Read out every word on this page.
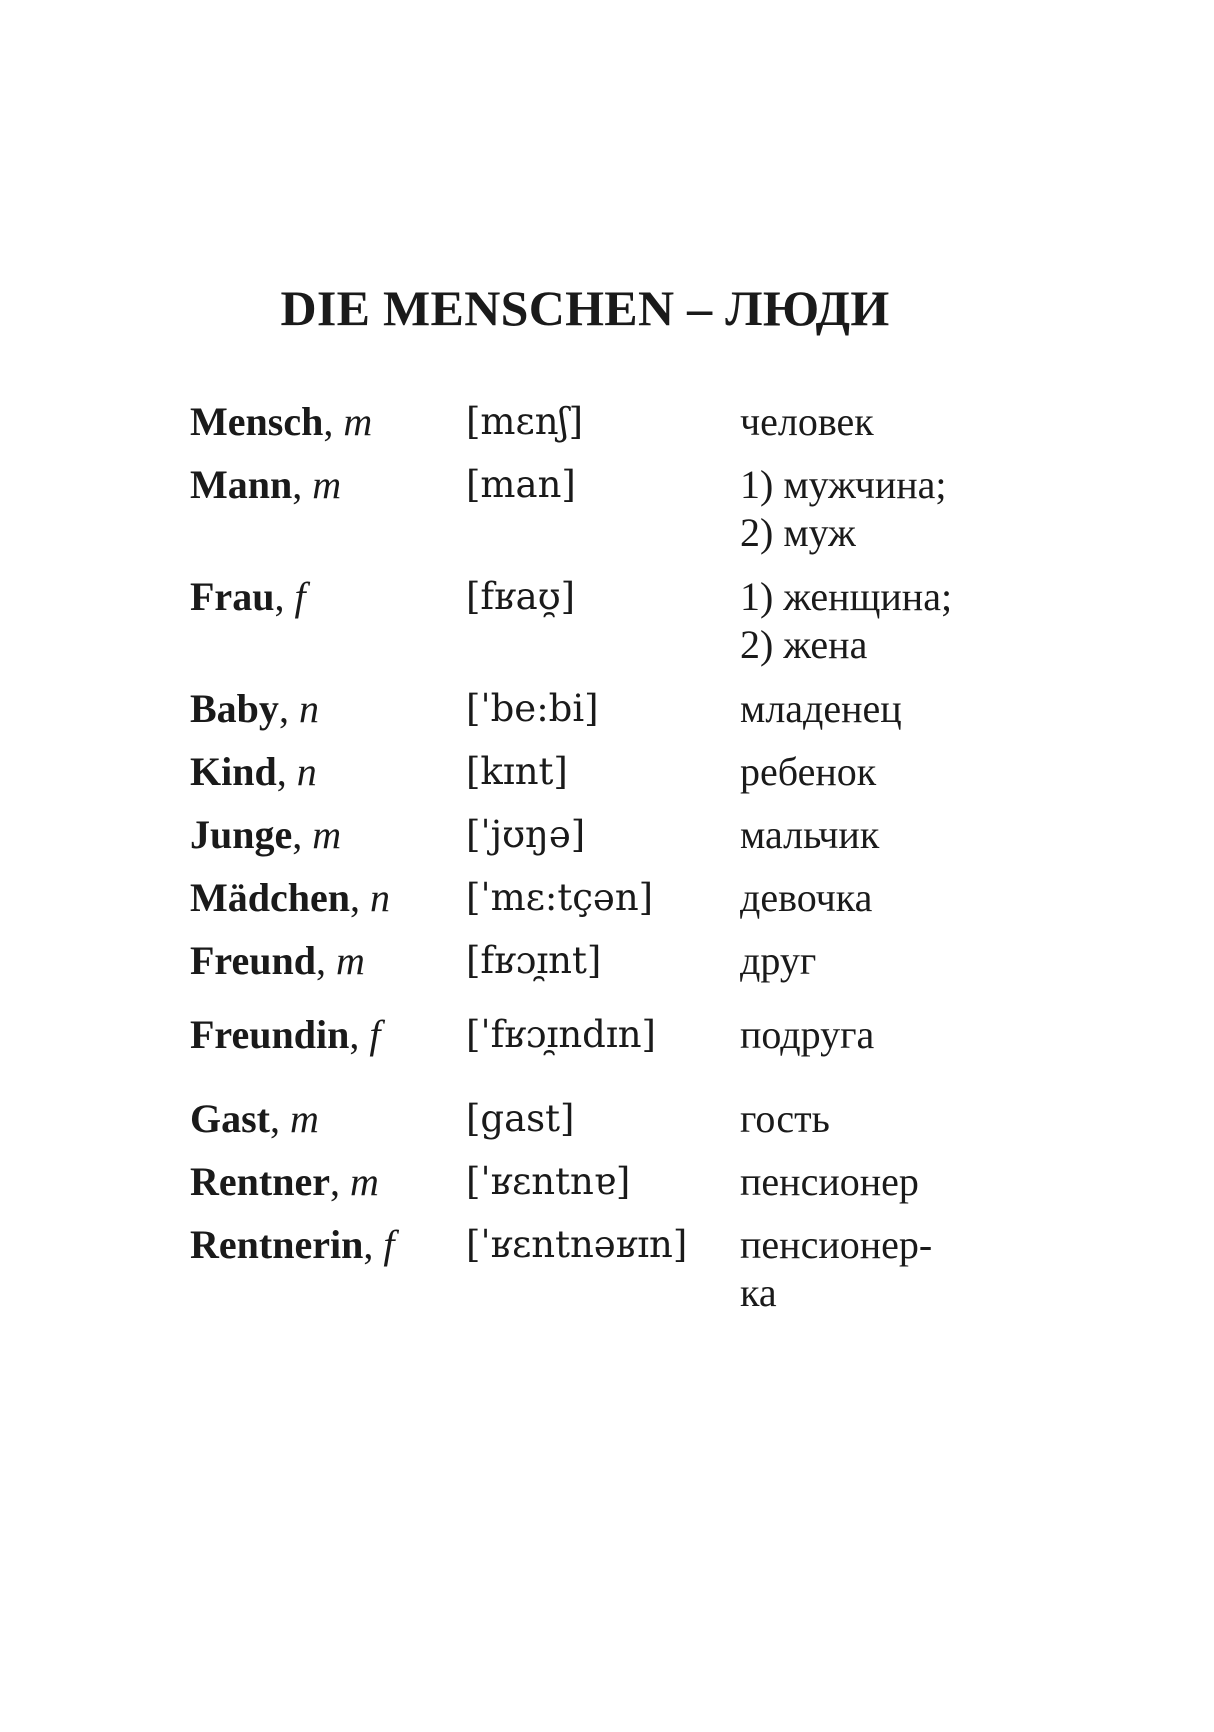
DIE MENSCHEN – ЛЮДИ
Mensch, m	[mɛnʃ]	человек
Mann, m	[man]	1) мужчина;
2) муж
Frau, f	[fʁaʊ̯]	1) женщина;
2) жена
Baby, n	[ˈbe:bi]	младенец
Kind, n	[kɪnt]	ребенок
Junge, m	[ˈjʊŋə]	мальчик
Mädchen, n [ˈmɛ:tçən] девочка
Freund, m	[fʁɔɪ̯nt]	друг
Freundin, f [ˈfʁɔɪ̯ndɪn] подруга
Gast, m	[gast]	гость
Rentner, m [ˈʁɛntnɐ]	пенсионер
Rentnerin, f [ˈʁɛntnəʁɪn] пенсионер-
ка
